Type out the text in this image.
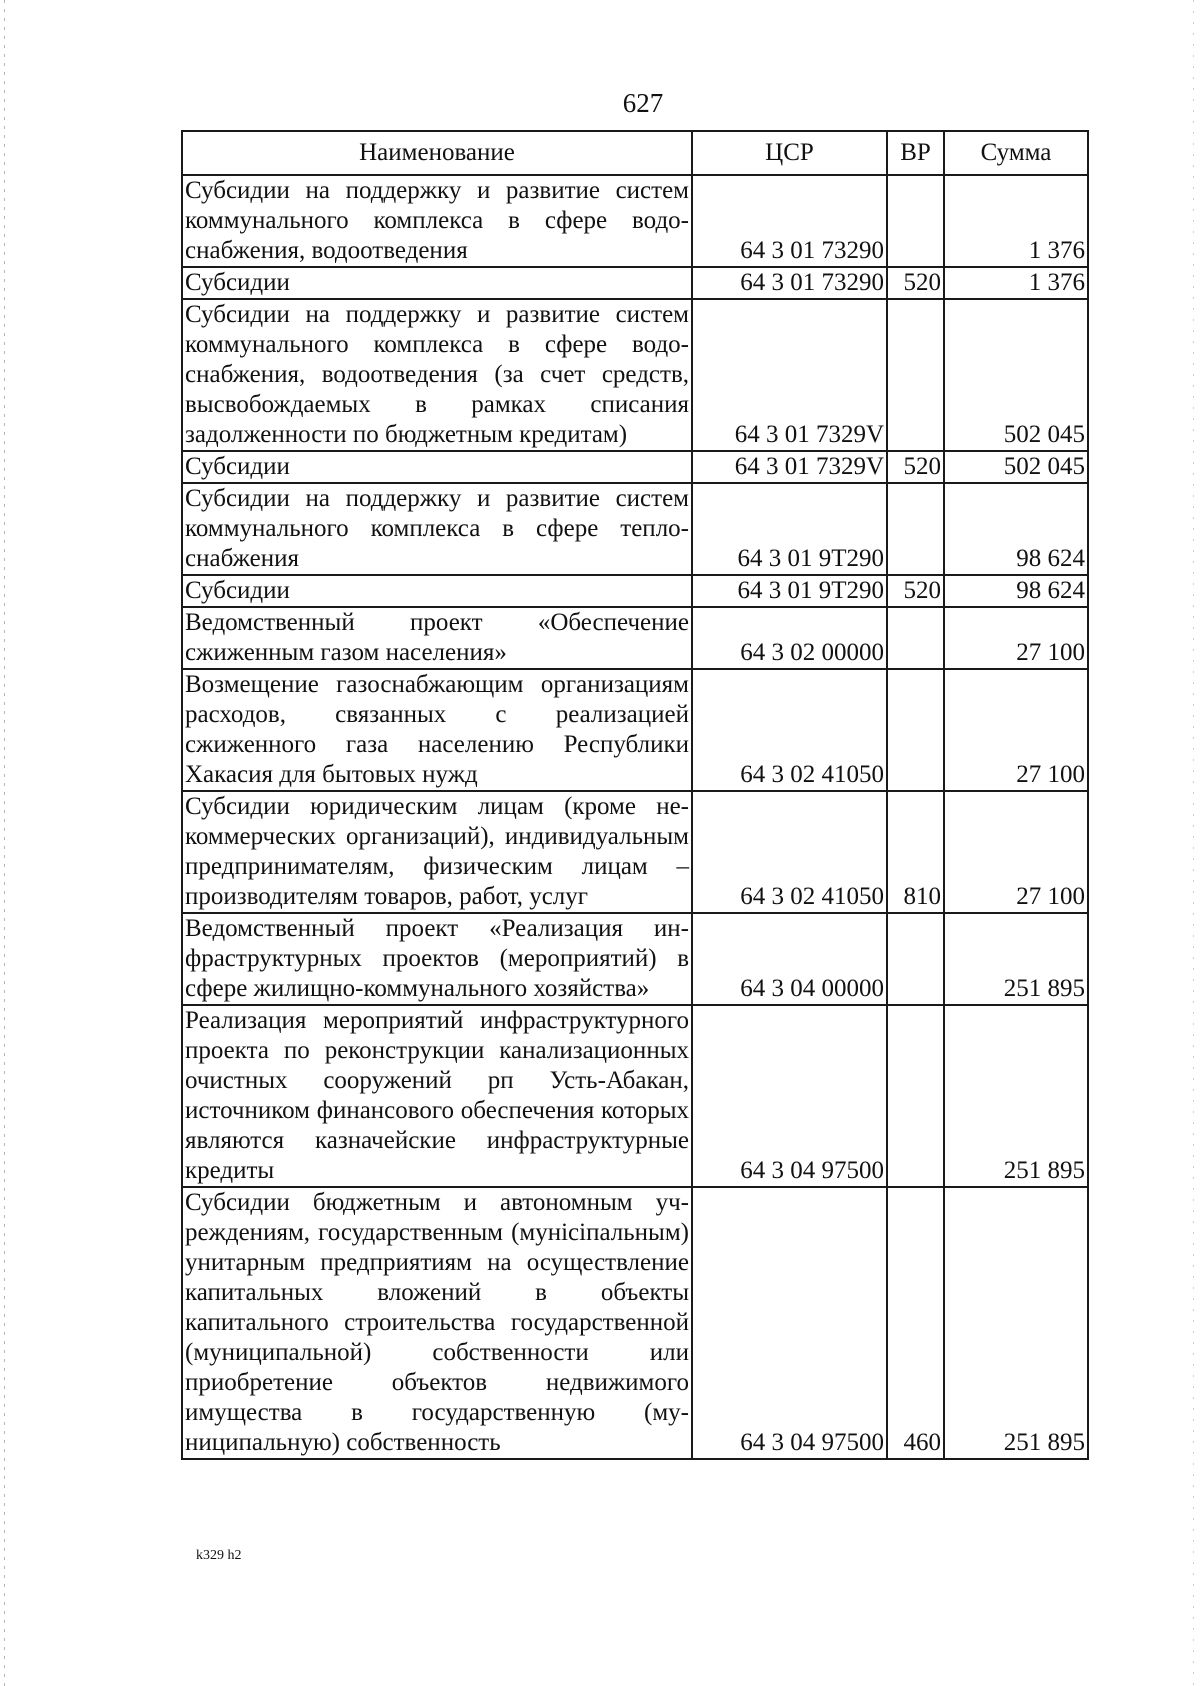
627
Наименование	ЦСР	ВР	Сумма
Субсидии на поддержку и развитие систем коммунального комплекса в сфере водоснабжения, водоотведения	64 3 01 73290		1 376
Субсидии	64 3 01 73290	520	1 376
Субсидии на поддержку и развитие систем коммунального комплекса в сфере водоснабжения, водоотведения (за счет средств, высвобождаемых в рамках списания задолженности по бюджетным кредитам)	64 3 01 7329V		502 045
Субсидии	64 3 01 7329V	520	502 045
Субсидии на поддержку и развитие систем коммунального комплекса в сфере теплоснабжения	64 3 01 9Т290		98 624
Субсидии	64 3 01 9Т290	520	98 624
Ведомственный проект «Обеспечение сжиженным газом населения»	64 3 02 00000		27 100
Возмещение газоснабжающим организациям расходов, связанных с реализацией сжиженного газа населению Республики Хакасия для бытовых нужд	64 3 02 41050		27 100
Субсидии юридическим лицам (кроме некоммерческих организаций), индивидуальным предпринимателям, физическим лицам – производителям товаров, работ, услуг	64 3 02 41050	810	27 100
Ведомственный проект «Реализация инфраструктурных проектов (мероприятий) в сфере жилищно-коммунального хозяйства»	64 3 04 00000		251 895
Реализация мероприятий инфраструктурного проекта по реконструкции канализационных очистных сооружений рп Усть-Абакан, источником финансового обеспечения которых являются казначейские инфраструктурные кредиты	64 3 04 97500		251 895
Субсидии бюджетным и автономным учреждениям, государственным (мунiciпальным) унитарным предприятиям на осуществление капитальных вложений в объекты капитального строительства государственной (муниципальной) собственности или приобретение объектов недвижимого имущества в государственную (муниципальную) собственность	64 3 04 97500	460	251 895
k329 h2
